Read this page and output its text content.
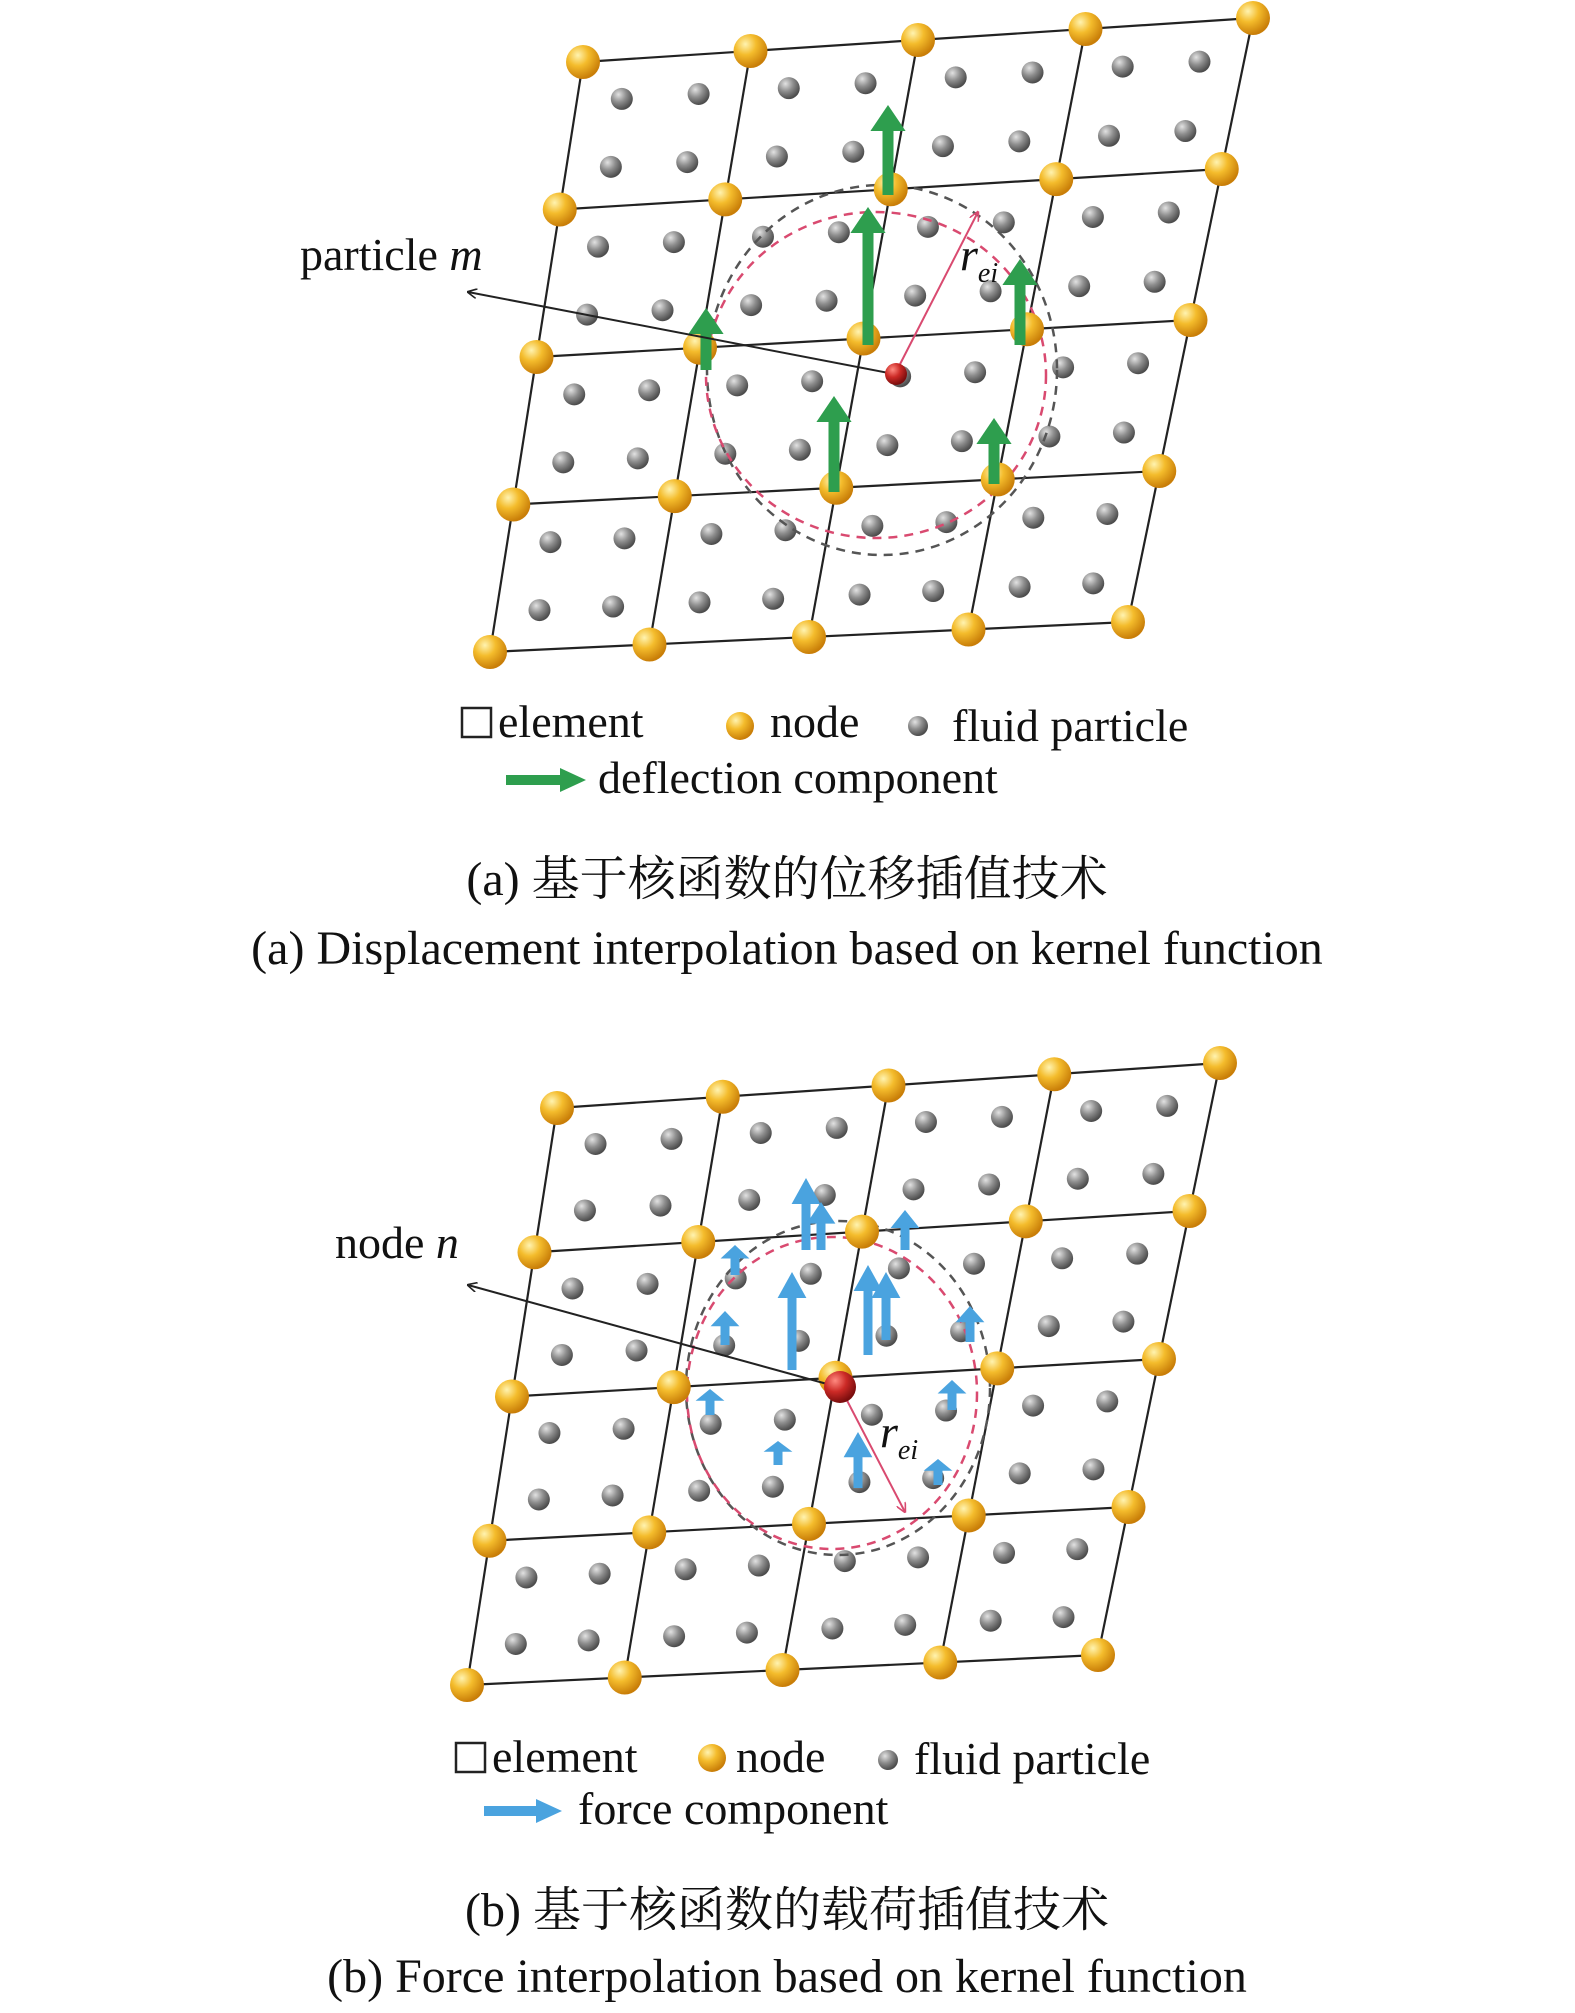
particle m	$r_{ei}$
element	node fluid particle
deflection component
(a) 基于核函数的位移插值技术
(a) Displacement interpolation based on kernel function
node n
$r_{ei}$
element node fluid particle
force component
(b) 基于核函数的载荷插值技术
(b) Force interpolation based on kernel function
